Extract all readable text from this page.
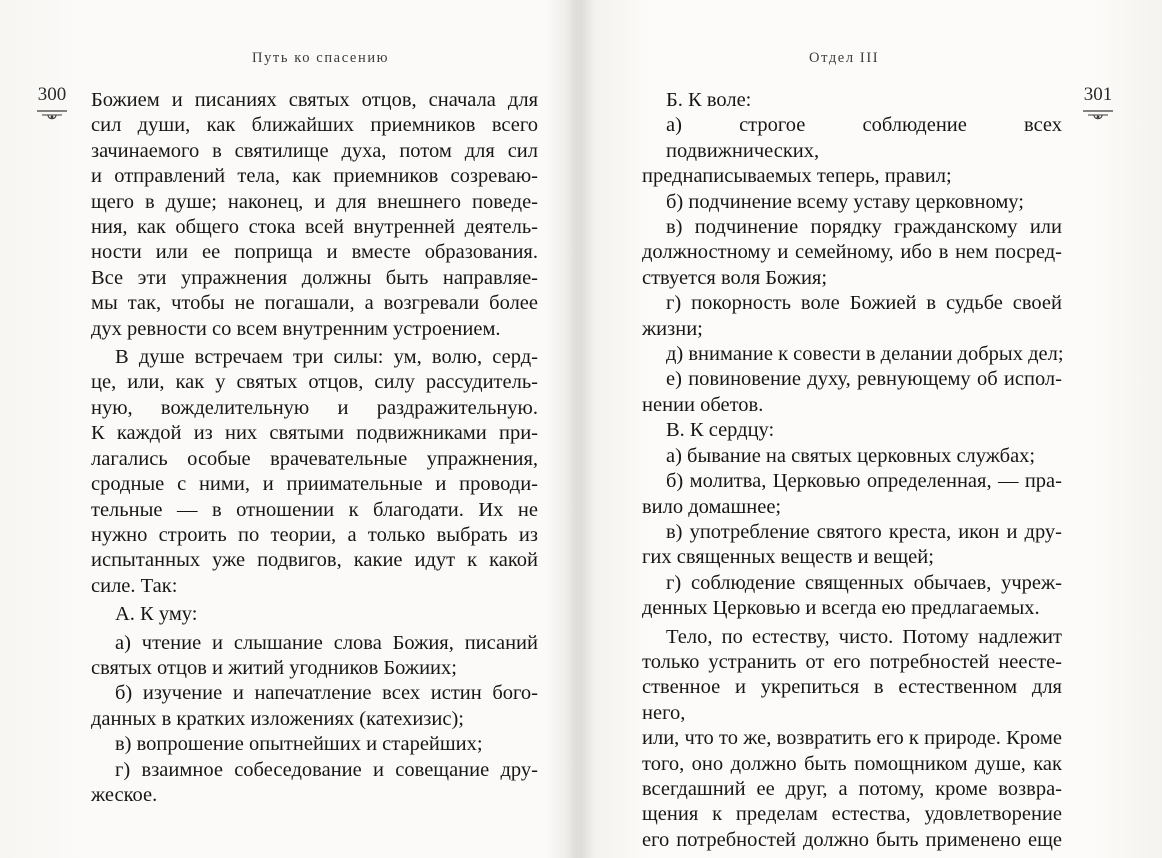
Путь ко спасению
300 Божием и писаниях святых отцов, сначала для
сил души, как ближайших приемников всего
зачинаемого в святилище духа, потом для сил
и отправлений тела, как приемников созреваю-
щего в душе; наконец, и для внешнего поведе-
ния, как общего стока всей внутренней деятель-
ности или ее поприща и вместе образования.
Все эти упражнения должны быть направляе-
мы так, чтобы не погашали, а возгревали более
дух ревности со всем внутренним устроением.
В душе встречаем три силы: ум, волю, серд-
це, или, как у святых отцов, силу рассудитель-
ную, вожделительную и раздражительную.
К каждой из них святыми подвижниками при-
лагались особые врачевательные упражнения,
сродные с ними, и приимательные и проводи-
тельные — в отношении к благодати. Их не
нужно строить по теории, а только выбрать из
испытанных уже подвигов, какие идут к какой
силе. Так:
А. К уму:
а) чтение и слышание слова Божия, писаний
святых отцов и житий угодников Божиих;
б) изучение и напечатление всех истин бого-
данных в кратких изложениях (катехизис);
в) вопрошение опытнейших и старейших;
г) взаимное собеседование и совещание дру-
жеское.
Отдел III
301
Б. К воле:
а) строгое соблюдение всех подвижнических,
преднаписываемых теперь, правил;
б) подчинение всему уставу церковному;
в) подчинение порядку гражданскому или
должностному и семейному, ибо в нем посред-
ствуется воля Божия;
г) покорность воле Божией в судьбе своей
жизни;
д) внимание к совести в делании добрых дел;
е) повиновение духу, ревнующему об испол-
нении обетов.
В. К сердцу:
а) бывание на святых церковных службах;
б) молитва, Церковью определенная, — пра-
вило домашнее;
в) употребление святого креста, икон и дру-
гих священных веществ и вещей;
г) соблюдение священных обычаев, учреж-
денных Церковью и всегда ею предлагаемых.
Тело, по естеству, чисто. Потому надлежит
только устранить от его потребностей неесте-
ственное и укрепиться в естественном для него,
или, что то же, возвратить его к природе. Кроме
того, оно должно быть помощником душе, как
всегдашний ее друг, а потому, кроме возвра-
щения к пределам естества, удовлетворение
его потребностей должно быть применено еще
